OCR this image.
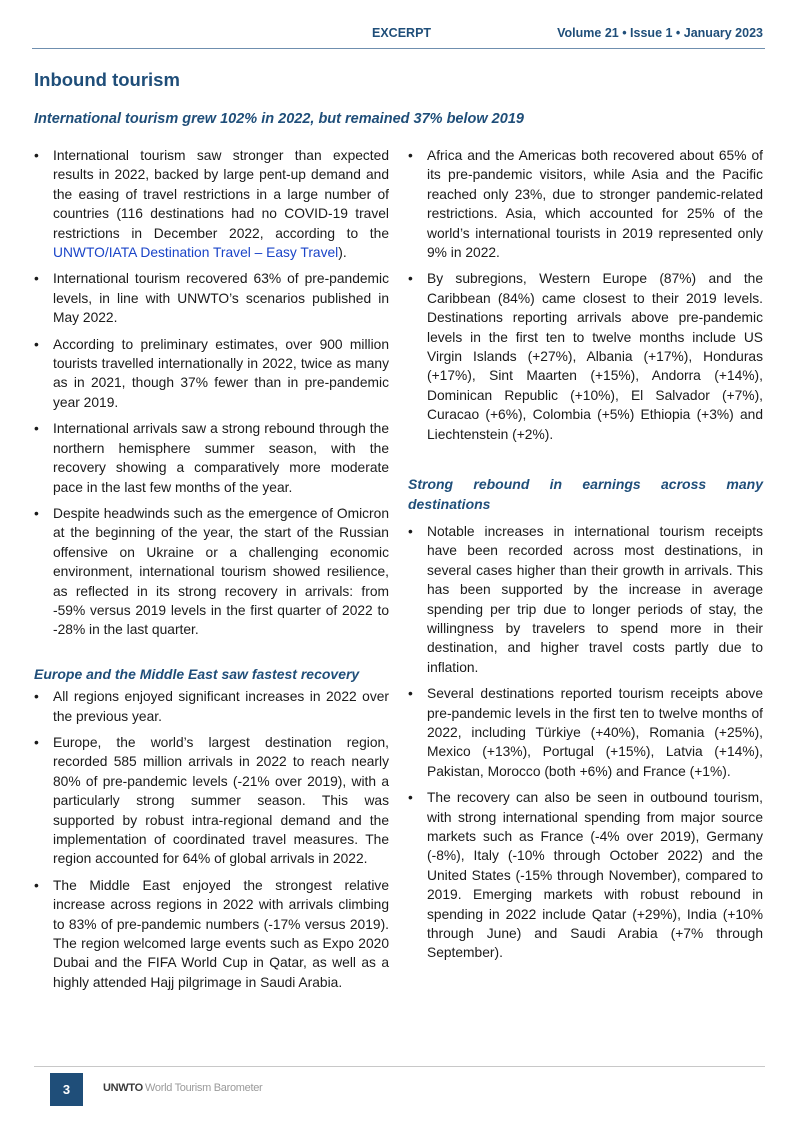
EXCERPT	Volume 21 • Issue 1 • January 2023
Inbound tourism
International tourism grew 102% in 2022, but remained 37% below 2019
•	International tourism saw stronger than expected results in 2022, backed by large pent-up demand and the easing of travel restrictions in a large number of countries (116 destinations had no COVID-19 travel restrictions in December 2022, according to the UNWTO/IATA Destination Travel – Easy Travel).
•	International tourism recovered 63% of pre-pandemic levels, in line with UNWTO’s scenarios published in May 2022.
•	According to preliminary estimates, over 900 million tourists travelled internationally in 2022, twice as many as in 2021, though 37% fewer than in pre-pandemic year 2019.
•	International arrivals saw a strong rebound through the northern hemisphere summer season, with the recovery showing a comparatively more moderate pace in the last few months of the year.
•	Despite headwinds such as the emergence of Omicron at the beginning of the year, the start of the Russian offensive on Ukraine or a challenging economic environment, international tourism showed resilience, as reflected in its strong recovery in arrivals: from -59% versus 2019 levels in the first quarter of 2022 to -28% in the last quarter.
Europe and the Middle East saw fastest recovery
•	All regions enjoyed significant increases in 2022 over the previous year.
•	Europe, the world’s largest destination region, recorded 585 million arrivals in 2022 to reach nearly 80% of pre-pandemic levels (-21% over 2019), with a particularly strong summer season. This was supported by robust intra-regional demand and the implementation of coordinated travel measures. The region accounted for 64% of global arrivals in 2022.
•	The Middle East enjoyed the strongest relative increase across regions in 2022 with arrivals climbing to 83% of pre-pandemic numbers (-17% versus 2019). The region welcomed large events such as Expo 2020 Dubai and the FIFA World Cup in Qatar, as well as a highly attended Hajj pilgrimage in Saudi Arabia.
•	Africa and the Americas both recovered about 65% of its pre-pandemic visitors, while Asia and the Pacific reached only 23%, due to stronger pandemic-related restrictions. Asia, which accounted for 25% of the world’s international tourists in 2019 represented only 9% in 2022.
•	By subregions, Western Europe (87%) and the Caribbean (84%) came closest to their 2019 levels. Destinations reporting arrivals above pre-pandemic levels in the first ten to twelve months include US Virgin Islands (+27%), Albania (+17%), Honduras (+17%), Sint Maarten (+15%), Andorra (+14%), Dominican Republic (+10%), El Salvador (+7%), Curacao (+6%), Colombia (+5%) Ethiopia (+3%) and Liechtenstein (+2%).
Strong rebound in earnings across many destinations
•	Notable increases in international tourism receipts have been recorded across most destinations, in several cases higher than their growth in arrivals. This has been supported by the increase in average spending per trip due to longer periods of stay, the willingness by travelers to spend more in their destination, and higher travel costs partly due to inflation.
•	Several destinations reported tourism receipts above pre-pandemic levels in the first ten to twelve months of 2022, including Türkiye (+40%), Romania (+25%), Mexico (+13%), Portugal (+15%), Latvia (+14%), Pakistan, Morocco (both +6%) and France (+1%).
•	The recovery can also be seen in outbound tourism, with strong international spending from major source markets such as France (-4% over 2019), Germany (-8%), Italy (-10% through October 2022) and the United States (-15% through November), compared to 2019. Emerging markets with robust rebound in spending in 2022 include Qatar (+29%), India (+10% through June) and Saudi Arabia (+7% through September).
3	UNWTO World Tourism Barometer
